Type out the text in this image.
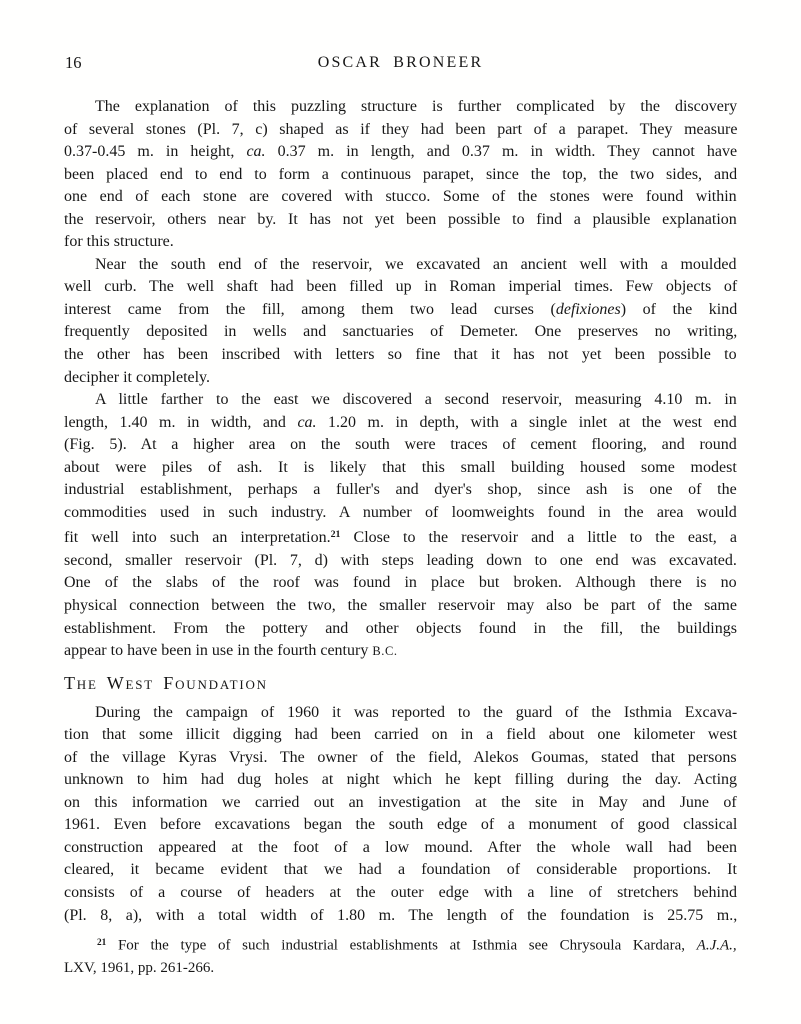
16	OSCAR BRONEER
The explanation of this puzzling structure is further complicated by the discovery
of several stones (Pl. 7, c) shaped as if they had been part of a parapet. They measure
0.37-0.45 m. in height, ca. 0.37 m. in length, and 0.37 m. in width. They cannot have
been placed end to end to form a continuous parapet, since the top, the two sides, and
one end of each stone are covered with stucco. Some of the stones were found within
the reservoir, others near by. It has not yet been possible to find a plausible explanation
for this structure.
Near the south end of the reservoir, we excavated an ancient well with a moulded
well curb. The well shaft had been filled up in Roman imperial times. Few objects of
interest came from the fill, among them two lead curses (defixiones) of the kind
frequently deposited in wells and sanctuaries of Demeter. One preserves no writing,
the other has been inscribed with letters so fine that it has not yet been possible to
decipher it completely.
A little farther to the east we discovered a second reservoir, measuring 4.10 m. in
length, 1.40 m. in width, and ca. 1.20 m. in depth, with a single inlet at the west end
(Fig. 5). At a higher area on the south were traces of cement flooring, and round
about were piles of ash. It is likely that this small building housed some modest
industrial establishment, perhaps a fuller's and dyer's shop, since ash is one of the
commodities used in such industry. A number of loomweights found in the area would
fit well into such an interpretation.$^{21}$ Close to the reservoir and a little to the east, a
second, smaller reservoir (Pl. 7, d) with steps leading down to one end was excavated.
One of the slabs of the roof was found in place but broken. Although there is no
physical connection between the two, the smaller reservoir may also be part of the same
establishment. From the pottery and other objects found in the fill, the buildings
appear to have been in use in the fourth century B.C.
The West Foundation
During the campaign of 1960 it was reported to the guard of the Isthmia Excava-
tion that some illicit digging had been carried on in a field about one kilometer west
of the village Kyras Vrysi. The owner of the field, Alekos Goumas, stated that persons
unknown to him had dug holes at night which he kept filling during the day. Acting
on this information we carried out an investigation at the site in May and June of
1961. Even before excavations began the south edge of a monument of good classical
construction appeared at the foot of a low mound. After the whole wall had been
cleared, it became evident that we had a foundation of considerable proportions. It
consists of a course of headers at the outer edge with a line of stretchers behind
(Pl. 8, a), with a total width of 1.80 m. The length of the foundation is 25.75 m.,
$^{21}$ For the type of such industrial establishments at Isthmia see Chrysoula Kardara, A.J.A.,
LXV, 1961, pp. 261-266.
